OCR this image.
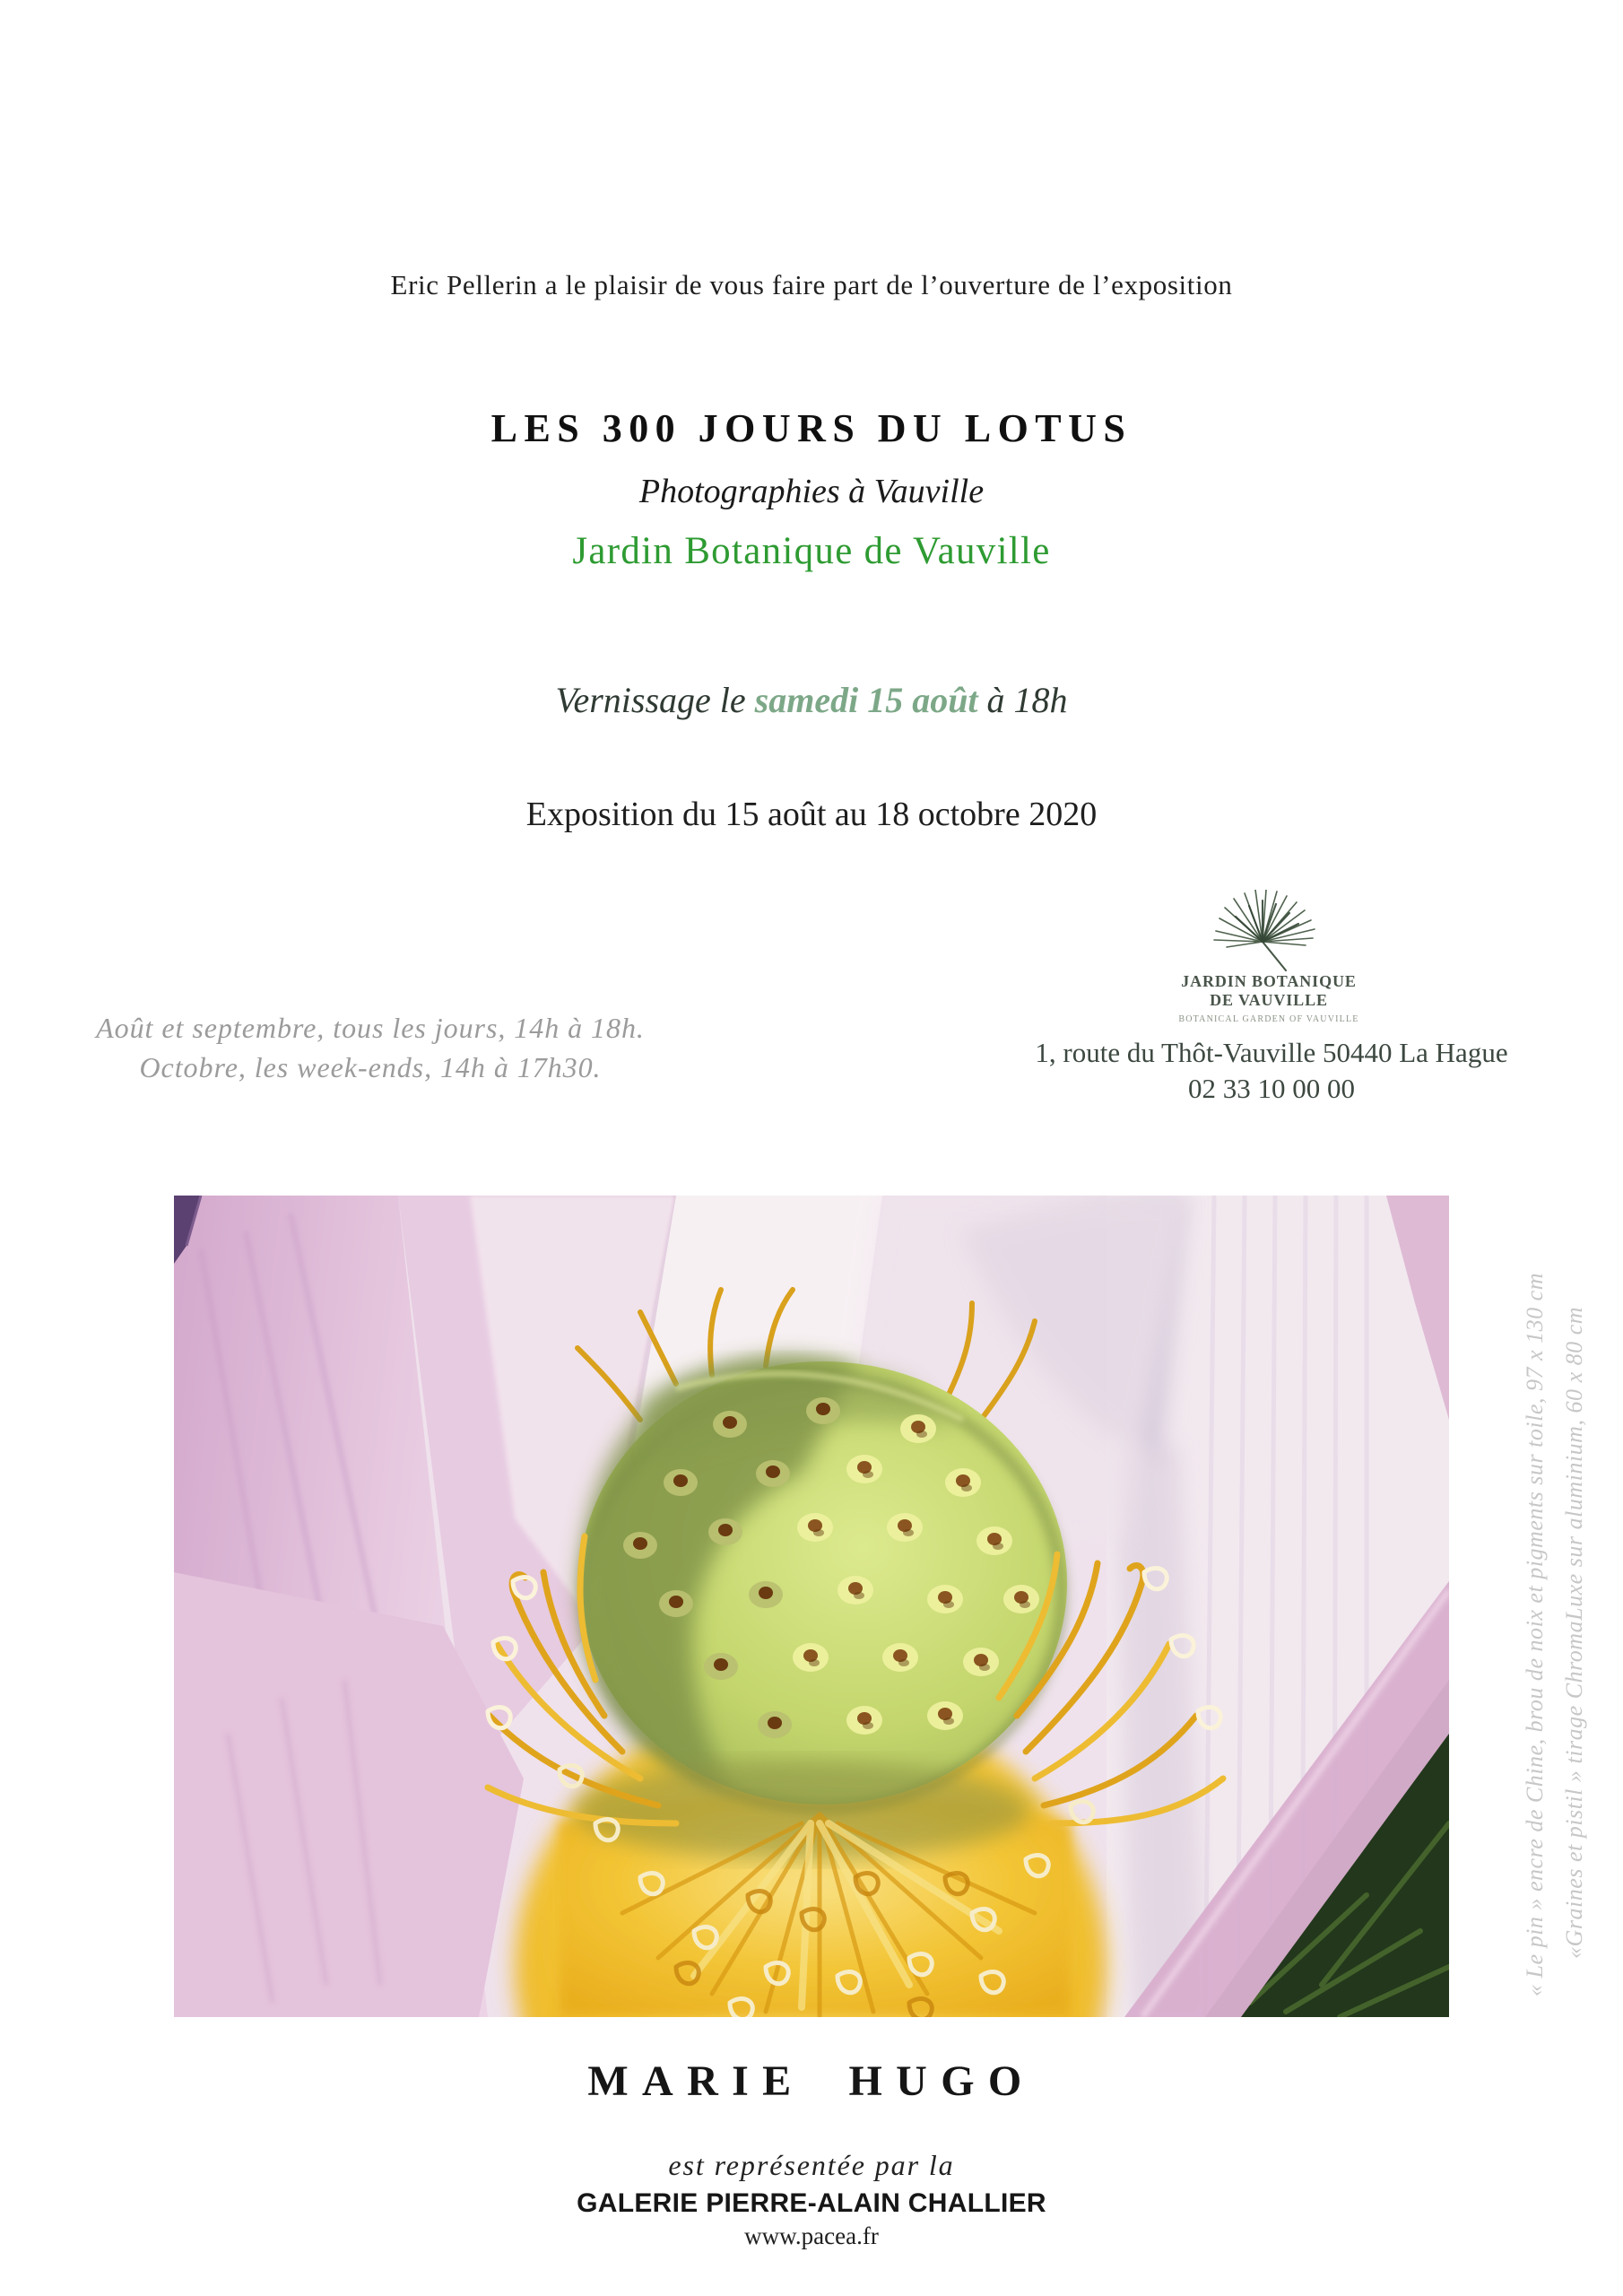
Eric Pellerin a le plaisir de vous faire part de l’ouverture de l’exposition
LES 300 JOURS DU LOTUS
Photographies à Vauville
Jardin Botanique de Vauville
Vernissage le samedi 15 août à 18h
Exposition du 15 août au 18 octobre 2020
Août et septembre, tous les jours, 14h à 18h.
Octobre, les week-ends, 14h à 17h30.
JARDIN BOTANIQUE
DE VAUVILLE
BOTANICAL GARDEN OF VAUVILLE
1, route du Thôt-Vauville 50440 La Hague
02 33 10 00 00
« Le pin » encre de Chine, brou de noix et pigments sur toile, 97 x 130 cm «Graines et pistil » tirage ChromaLuxe sur aluminium, 60 x 80 cm
MARIE HUGO
est représentée par la
GALERIE PIERRE-ALAIN CHALLIER
www.pacea.fr
